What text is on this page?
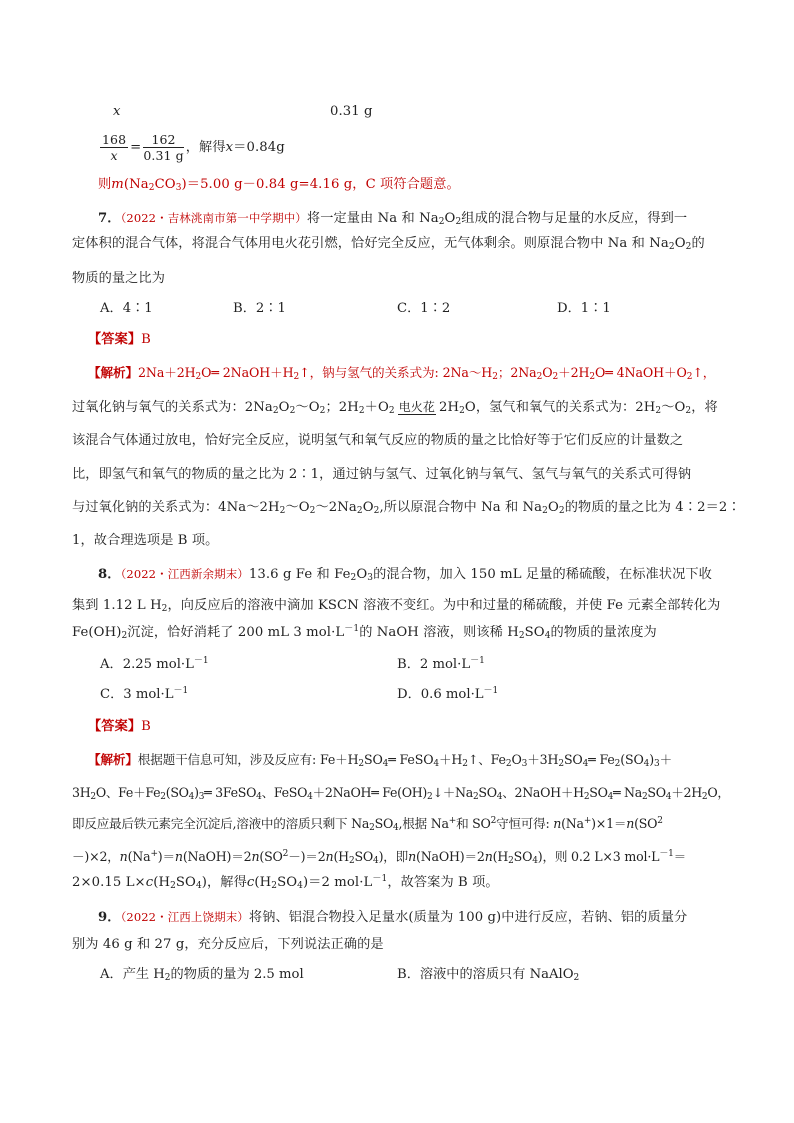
x	0.31 g
$\frac{168}{x} = \frac{162}{0.31 g}$ ，解得x＝0.84g
则$m(Na_2CO_3)=5.00$ g－0.84 g=4.16 g，C 项符合题意。
7．（2022・吉林洮南市第一中学期中）将一定量由 Na 和 $Na_2O_2$组成的混合物与足量的水反应，得到一
定体积的混合气体，将混合气体用电火花引燃，恰好完全反应，无气体剩余。则原混合物中 Na 和 $Na_2O_2$的
物质的量之比为
A．4∶1	B．2∶1	C．1∶2	D．1∶1
【答案】B
【解析】$2Na+2H_2O═$ $2NaOH+H_2↑$，钠与氢气的关系式为: $2Na\sim H_2$；$2Na_2O_2+2H_2O═$ $4NaOH+O_2↑$，
过氧化钠与氧气的关系式为：$2Na_2O_2\sim O_2$；$2H_2+O_2$ 电火花 $2H_2O$，氢气和氧气的关系式为：$2H_2\sim O_2$，将
该混合气体通过放电，恰好完全反应，说明氢气和氧气反应的物质的量之比恰好等于它们反应的计量数之
比，即氢气和氧气的物质的量之比为 2∶1，通过钠与氢气、过氧化钠与氧气、氢气与氧气的关系式可得钠
与过氧化钠的关系式为：$4Na\sim 2H_2\sim O_2\sim 2Na_2O_2$,所以原混合物中 Na 和 $Na_2O_2$的物质的量之比为 4∶2＝2∶
1，故合理选项是 B 项。
8．（2022・江西新余期末）13.6 g Fe 和 $Fe_2O_3$的混合物，加入 150 mL 足量的稀硫酸，在标准状况下收
集到 1.12 L $H_2$，向反应后的溶液中滴加 KSCN 溶液不变红。为中和过量的稀硫酸，并使 Fe 元素全部转化为
$Fe(OH)_2$沉淀，恰好消耗了 200 mL 3 $mol\cdot L^{-1}$的 NaOH 溶液，则该稀 $H_2SO_4$的物质的量浓度为
A．2.25 $mol\cdot L^{-1}$	B．2 $mol\cdot L^{-1}$
C．3 $mol\cdot L^{-1}$	D．0.6 $mol\cdot L^{-1}$
【答案】B
【解析】根据题干信息可知，涉及反应有: $Fe+H_2SO_4═$ $FeSO_4+H_2↑$、$Fe_2O_3+3H_2SO_4═$ $Fe_2(SO_4)_3+$
$3H_2O$、$Fe+Fe_2(SO_4)_3═$ 3FeSO$_4$、FeSO$_4$＋2NaOH═ $Fe(OH)_2↓+Na_2SO_4$、$2NaOH+H_2SO_4═$ $Na_2SO_4+2H_2O$，
即反应最后铁元素完全沉淀后,溶液中的溶质只剩下 $Na_2SO_4$,根据 Na+和 $SO^2$守恒可得: $n(Na^+)\times 1=n(SO^2$
－)×2，$n(Na^+)=n(NaOH)=2n(SO^2-)=2n(H_2SO_4)$，即$n(NaOH)=2n(H_2SO_4)$，则 0.2 L×3 $mol\cdot L^{-1}=$
2×0.15 $L\times c(H_2SO_4)$，解得$c(H_2SO_4)=2$ $mol\cdot L^{-1}$，故答案为 B 项。
9．（2022・江西上饶期末）将钠、铝混合物投入足量水(质量为 100 g)中进行反应，若钠、铝的质量分
别为 46 g 和 27 g，充分反应后，下列说法正确的是
A．产生 $H_2$的物质的量为 2.5 mol	B．溶液中的溶质只有 NaAlO$_2$
